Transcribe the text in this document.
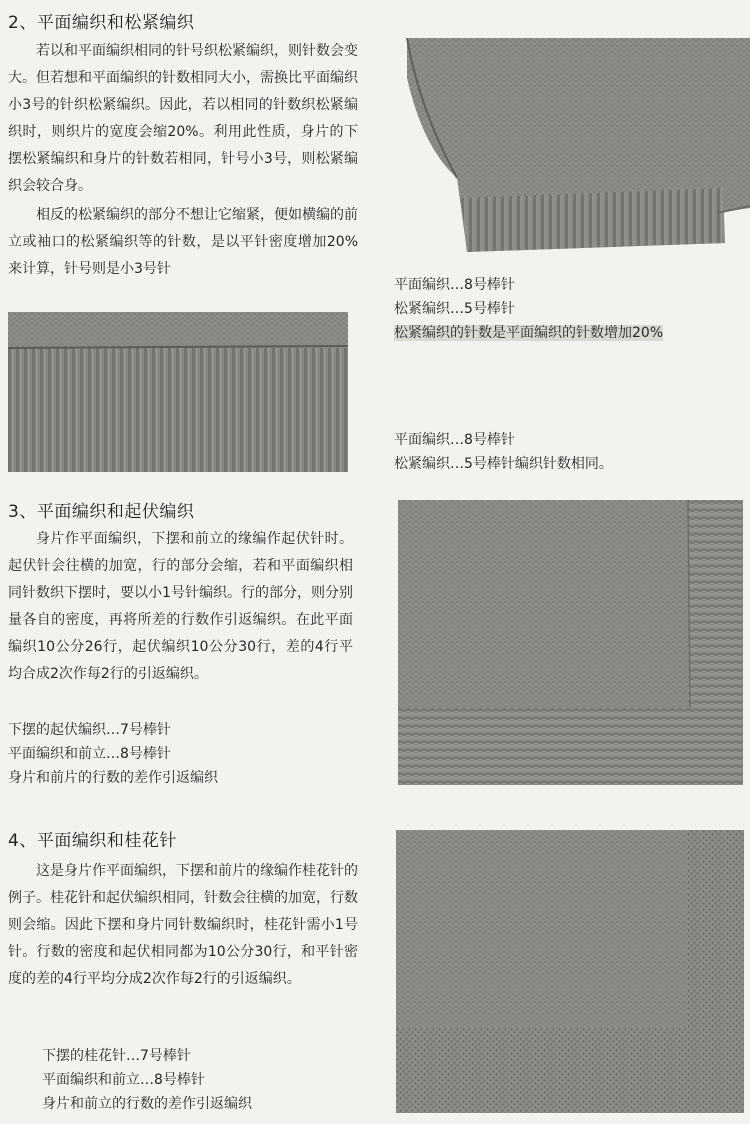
2、平面编织和松紧编织

若以和平面编织相同的针号织松紧编织，则针数会变大。但若想和平面编织的针数相同大小，需换比平面编织小3号的针织松紧编织。因此，若以相同的针数织松紧编织时，则织片的宽度会缩20%。利用此性质，身片的下摆松紧编织和身片的针数若相同，针号小3号，则松紧编织会较合身。

相反的松紧编织的部分不想让它缩紧，便如横编的前立或袖口的松紧编织等的针数，是以平针密度增加20%来计算，针号则是小3号针

平面编织…8号棒针
松紧编织…5号棒针
松紧编织的针数是平面编织的针数增加20%
平面编织…8号棒针
松紧编织…5号棒针编织针数相同。
3、平面编织和起伏编织

身片作平面编织，下摆和前立的缘编作起伏针时。起伏针会往横的加宽，行的部分会缩，若和平面编织相同针数织下摆时，要以小1号针编织。行的部分，则分别量各自的密度，再将所差的行数作引返编织。在此平面编织10公分26行，起伏编织10公分30行，差的4行平均合成2次作每2行的引返编织。

下摆的起伏编织…7号棒针
平面编织和前立…8号棒针
身片和前片的行数的差作引返编织
4、平面编织和桂花针

这是身片作平面编织，下摆和前片的缘编作桂花针的例子。桂花针和起伏编织相同，针数会往横的加宽，行数则会缩。因此下摆和身片同针数编织时，桂花针需小1号针。行数的密度和起伏相同都为10公分30行，和平针密度的差的4行平均分成2次作每2行的引返编织。

下摆的桂花针…7号棒针
平面编织和前立…8号棒针
身片和前立的行数的差作引返编织
